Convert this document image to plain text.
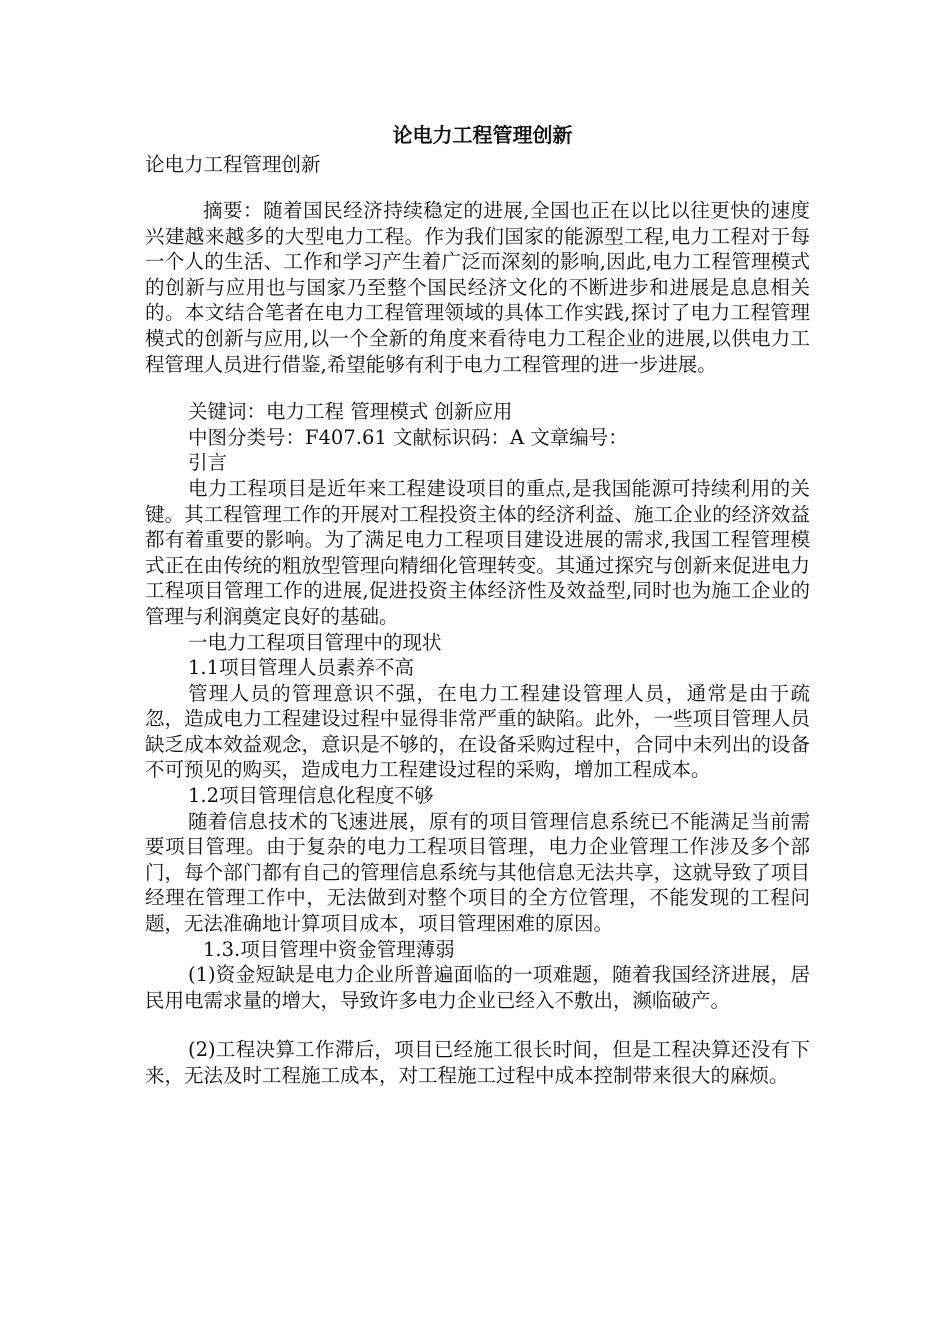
论电力工程管理创新

论电力工程管理创新

摘要：随着国民经济持续稳定的进展,全国也正在以比以往更快的速度兴建越来越多的大型电力工程。作为我们国家的能源型工程,电力工程对于每一个人的生活、工作和学习产生着广泛而深刻的影响,因此,电力工程管理模式的创新与应用也与国家乃至整个国民经济文化的不断进步和进展是息息相关的。本文结合笔者在电力工程管理领域的具体工作实践,探讨了电力工程管理模式的创新与应用,以一个全新的角度来看待电力工程企业的进展,以供电力工程管理人员进行借鉴,希望能够有利于电力工程管理的进一步进展。

关键词：电力工程 管理模式 创新应用

中图分类号：F407.61 文献标识码：A 文章编号：

引言

电力工程项目是近年来工程建设项目的重点,是我国能源可持续利用的关键。其工程管理工作的开展对工程投资主体的经济利益、施工企业的经济效益都有着重要的影响。为了满足电力工程项目建设进展的需求,我国工程管理模式正在由传统的粗放型管理向精细化管理转变。其通过探究与创新来促进电力工程项目管理工作的进展,促进投资主体经济性及效益型,同时也为施工企业的管理与利润奠定良好的基础。

一电力工程项目管理中的现状

1.1项目管理人员素养不高

管理人员的管理意识不强，在电力工程建设管理人员，通常是由于疏忽，造成电力工程建设过程中显得非常严重的缺陷。此外，一些项目管理人员缺乏成本效益观念，意识是不够的，在设备采购过程中，合同中未列出的设备不可预见的购买，造成电力工程建设过程的采购，增加工程成本。

1.2项目管理信息化程度不够

随着信息技术的飞速进展，原有的项目管理信息系统已不能满足当前需要项目管理。由于复杂的电力工程项目管理，电力企业管理工作涉及多个部门，每个部门都有自己的管理信息系统与其他信息无法共享，这就导致了项目经理在管理工作中，无法做到对整个项目的全方位管理，不能发现的工程问题，无法准确地计算项目成本，项目管理困难的原因。

1.3.项目管理中资金管理薄弱

(1)资金短缺是电力企业所普遍面临的一项难题，随着我国经济进展，居民用电需求量的增大，导致许多电力企业已经入不敷出，濒临破产。

(2)工程决算工作滞后，项目已经施工很长时间，但是工程决算还没有下来，无法及时工程施工成本，对工程施工过程中成本控制带来很大的麻烦。
